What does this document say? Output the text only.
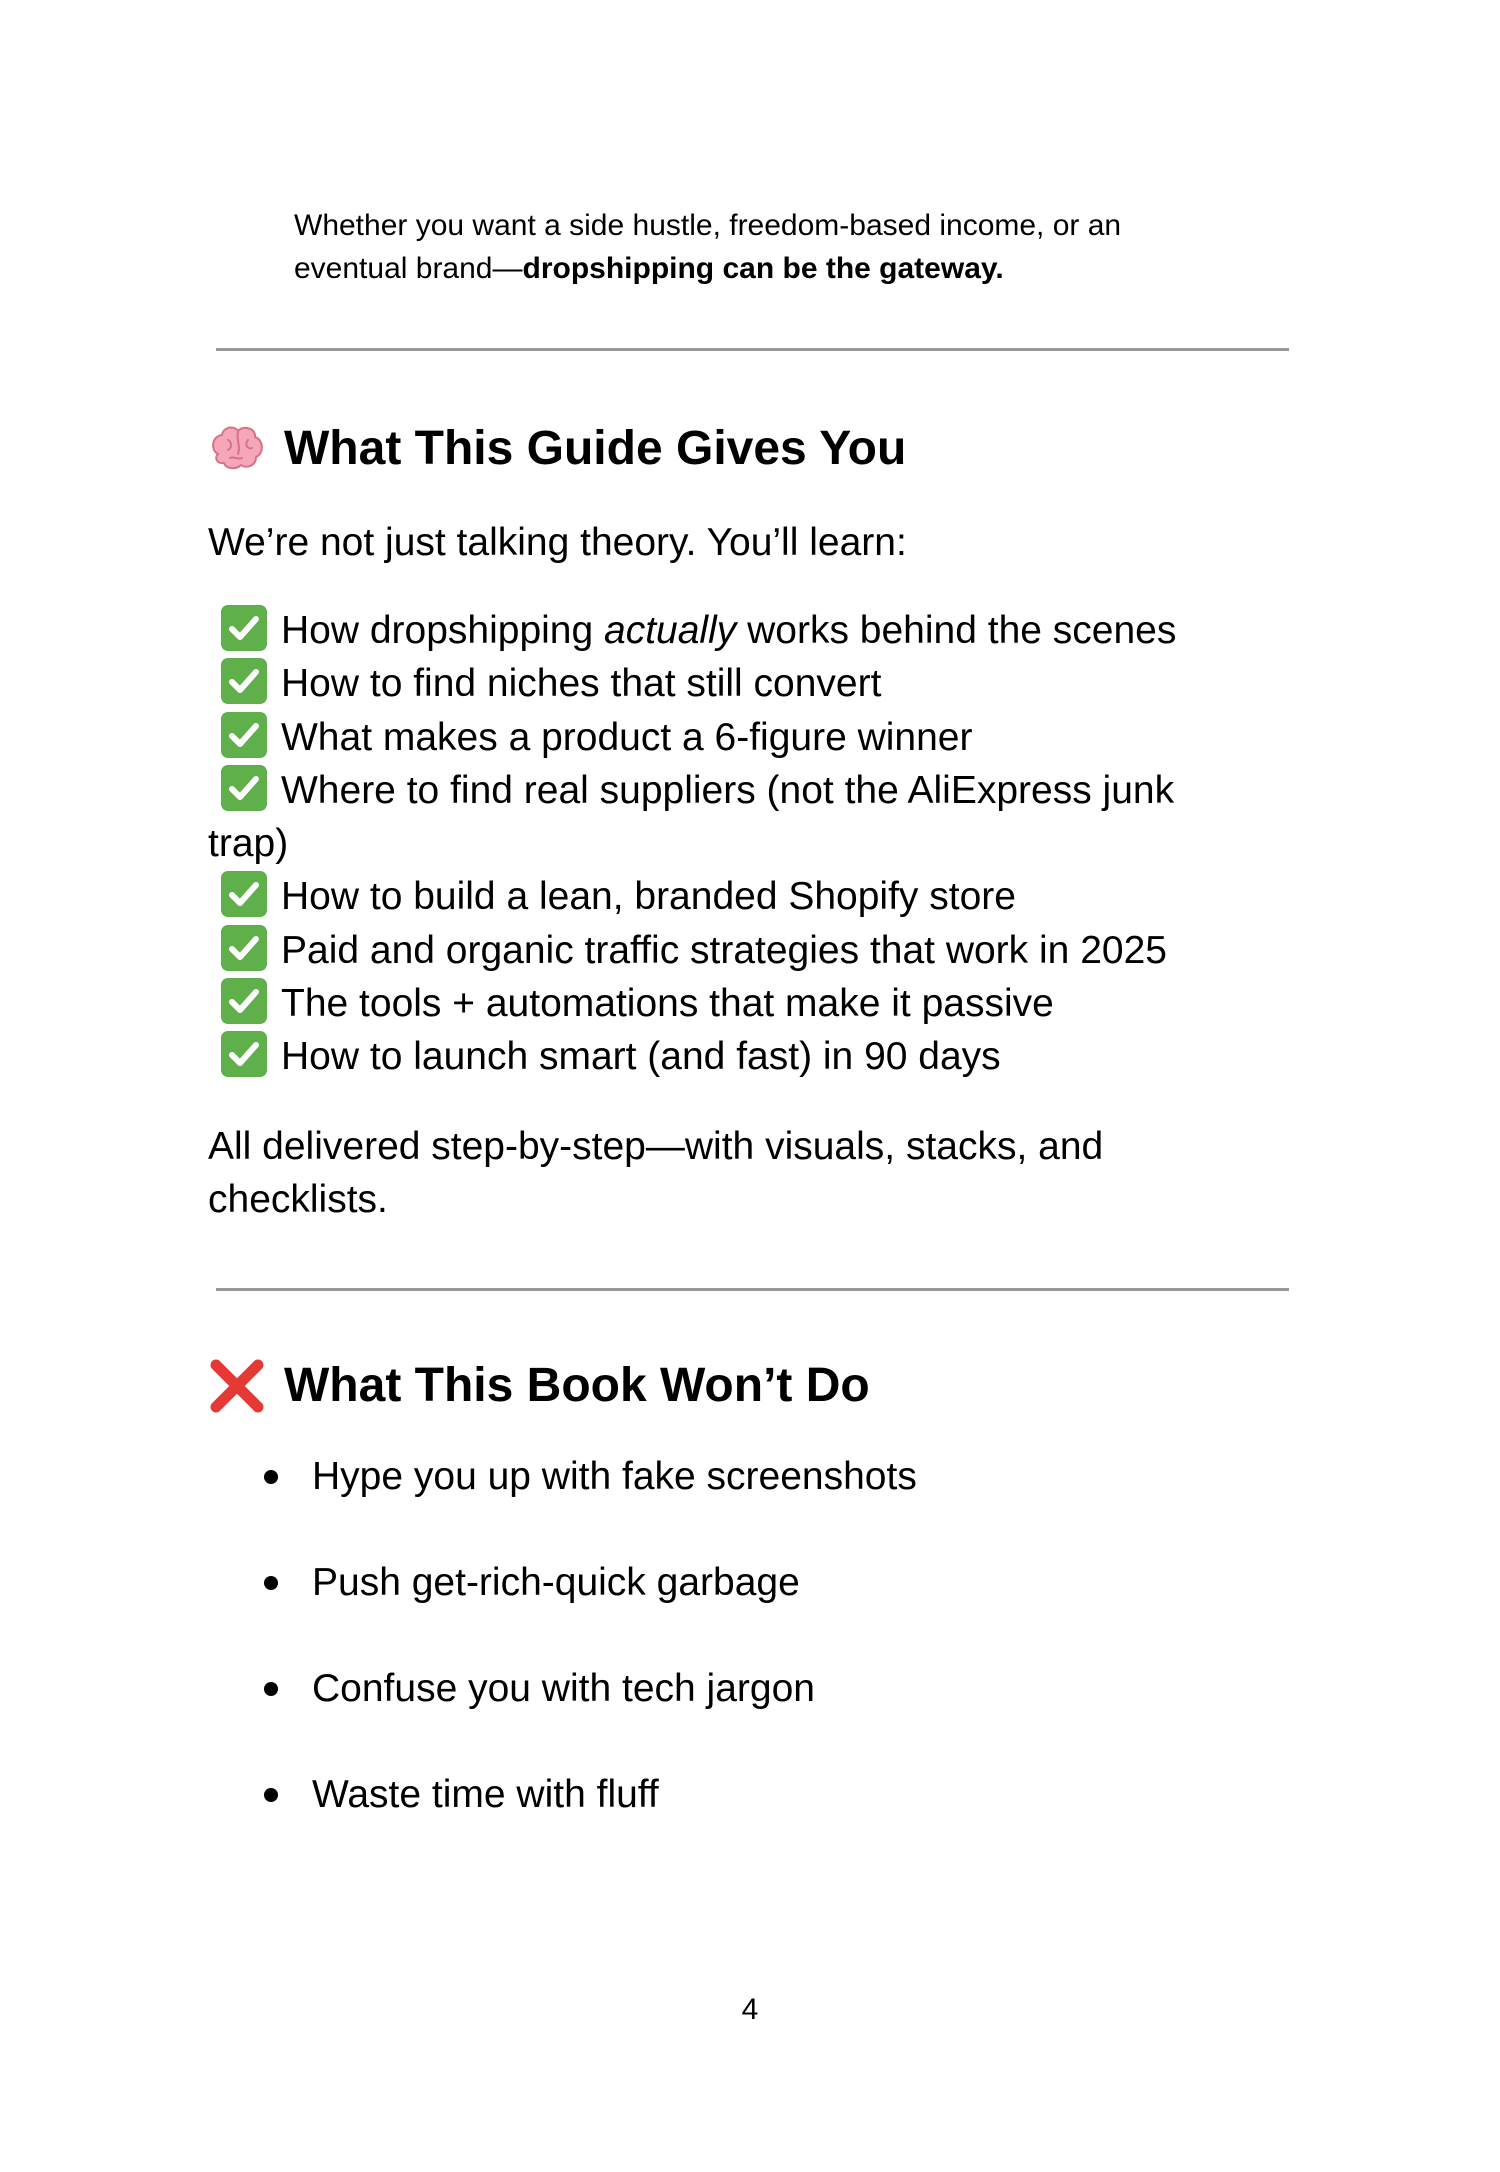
Whether you want a side hustle, freedom-based income, or an
eventual brand—dropshipping can be the gateway.
What This Guide Gives You
We’re not just talking theory. You’ll learn:
How dropshipping actually works behind the scenes
How to find niches that still convert
What makes a product a 6-figure winner
Where to find real suppliers (not the AliExpress junk trap)
How to build a lean, branded Shopify store
Paid and organic traffic strategies that work in 2025
The tools + automations that make it passive
How to launch smart (and fast) in 90 days
All delivered step-by-step—with visuals, stacks, and checklists.
What This Book Won’t Do
Hype you up with fake screenshots
Push get-rich-quick garbage
Confuse you with tech jargon
Waste time with fluff
4
